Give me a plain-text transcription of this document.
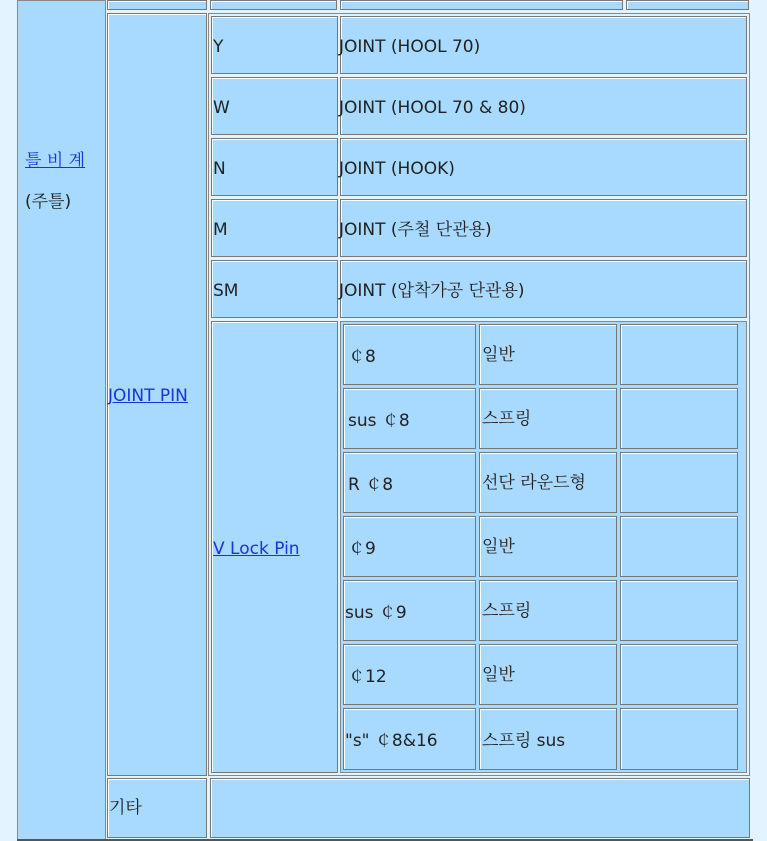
틀 비 계
(주틀)
JOINT PIN
Y	JOINT (HOOL 70)
W	JOINT (HOOL 70 & 80)
N	JOINT (HOOK)
M	JOINT (주철 단관용)
SM	JOINT (압착가공 단관용)
V Lock Pin
￠8	일반
sus ￠8	스프링
R ￠8	선단 라운드형
￠9	일반
sus ￠9	스프링
￠12	일반
"s" ￠8&16	스프링 sus
기타
